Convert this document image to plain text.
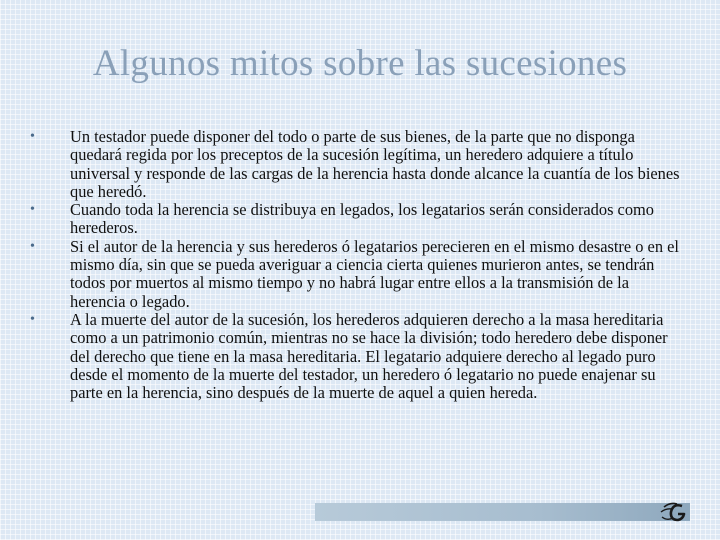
Algunos mitos sobre las sucesiones
• Un testador puede disponer del todo o parte de sus bienes, de la parte que no disponga quedará regida por los preceptos de la sucesión legítima, un heredero adquiere a título universal y responde de las cargas de la herencia hasta donde alcance la cuantía de los bienes que heredó.
• Cuando toda la herencia se distribuya en legados, los legatarios serán considerados como herederos.
• Si el autor de la herencia y sus herederos ó legatarios perecieren en el mismo desastre o en el mismo día, sin que se pueda averiguar a ciencia cierta quienes murieron antes, se tendrán todos por muertos al mismo tiempo y no habrá lugar entre ellos a la transmisión de la herencia o legado.
• A la muerte del autor de la sucesión, los herederos adquieren derecho a la masa hereditaria como a un patrimonio común, mientras no se hace la división; todo heredero debe disponer del derecho que tiene en la masa hereditaria. El legatario adquiere derecho al legado puro desde el momento de la muerte del testador, un heredero ó legatario no puede enajenar su parte en la herencia, sino después de la muerte de aquel a quien hereda.
